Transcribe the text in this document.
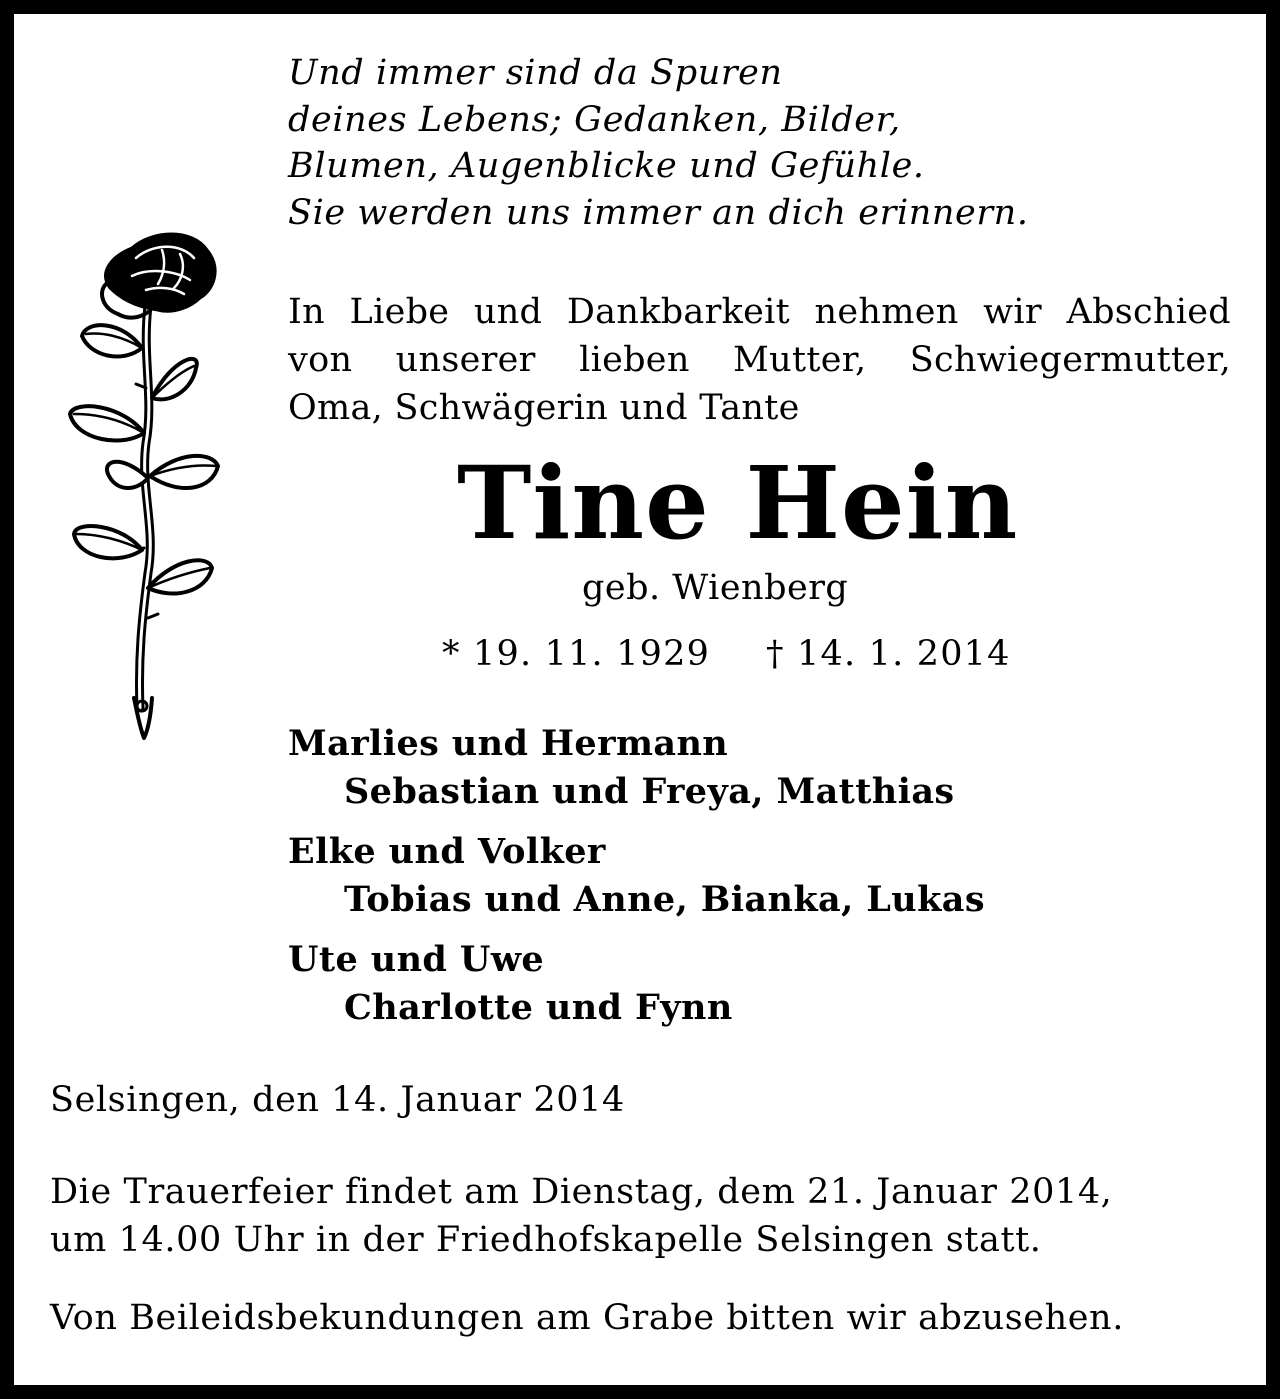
Und immer sind da Spuren
deines Lebens; Gedanken, Bilder,
Blumen, Augenblicke und Gefühle.
Sie werden uns immer an dich erinnern.
In Liebe und Dankbarkeit nehmen wir Abschied
von unserer lieben Mutter, Schwiegermutter,
Oma, Schwägerin und Tante
Tine Hein
geb. Wienberg
* 19. 11. 1929 † 14. 1. 2014
Marlies und Hermann
Sebastian und Freya, Matthias
Elke und Volker
Tobias und Anne, Bianka, Lukas
Ute und Uwe
Charlotte und Fynn
Selsingen, den 14. Januar 2014
Die Trauerfeier findet am Dienstag, dem 21. Januar 2014,
um 14.00 Uhr in der Friedhofskapelle Selsingen statt.
Von Beileidsbekundungen am Grabe bitten wir abzusehen.
